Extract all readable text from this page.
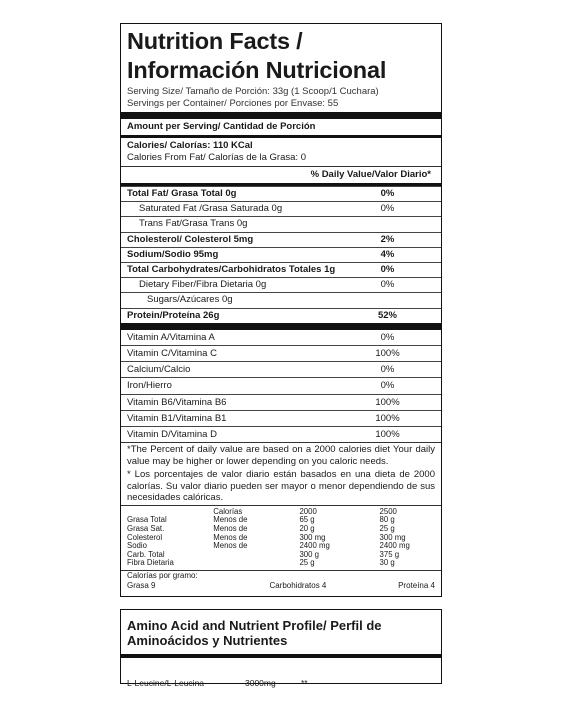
Nutrition Facts /
Información Nutricional
Serving Size/ Tamaño de Porción: 33g (1 Scoop/1 Cuchara)
Servings per Container/ Porciones por Envase: 55
Amount per Serving/ Cantidad de Porción
Calories/ Calorías: 110 KCal
Calories From Fat/ Calorías de la Grasa: 0
% Daily Value/Valor Diario*
Total Fat/ Grasa Total 0g	0%
Saturated Fat /Grasa Saturada 0g	0%
Trans Fat/Grasa Trans 0g
Cholesterol/ Colesterol 5mg	2%
Sodium/Sodio 95mg	4%
Total Carbohydrates/Carbohidratos Totales 1g	0%
Dietary Fiber/Fibra Dietaria 0g	0%
Sugars/Azúcares 0g
Protein/Proteína 26g	52%
Vitamin A/Vitamina A	0%
Vitamin C/Vitamina C	100%
Calcium/Calcio	0%
Iron/Hierro	0%
Vitamin B6/Vitamina B6	100%
Vitamin B1/Vitamina B1	100%
Vitamin D/Vitamina D	100%
*The Percent of daily value are based on a 2000 calories diet Your daily value may be higher or lower depending on you caloric needs.
* Los porcentajes de valor diario están basados en una dieta de 2000 calorías. Su valor diario pueden ser mayor o menor dependiendo de sus necesidades calóricas.
	Calorías	2000	2500
Grasa Total	Menos de	65 g	80 g
Grasa Sat.	Menos de	20 g	25 g
Colesterol	Menos de	300 mg	300 mg
Sodio	Menos de	2400 mg	2400 mg
Carb. Total		300 g	375 g
Fibra Dietaria		25 g	30 g
Calorías por gramo:
Grasa 9	Carbohidratos 4	Proteína 4
Amino Acid and Nutrient Profile/ Perfil de Aminoácidos y Nutrientes
L-Leucine/L-Leucina	3000mg	**
